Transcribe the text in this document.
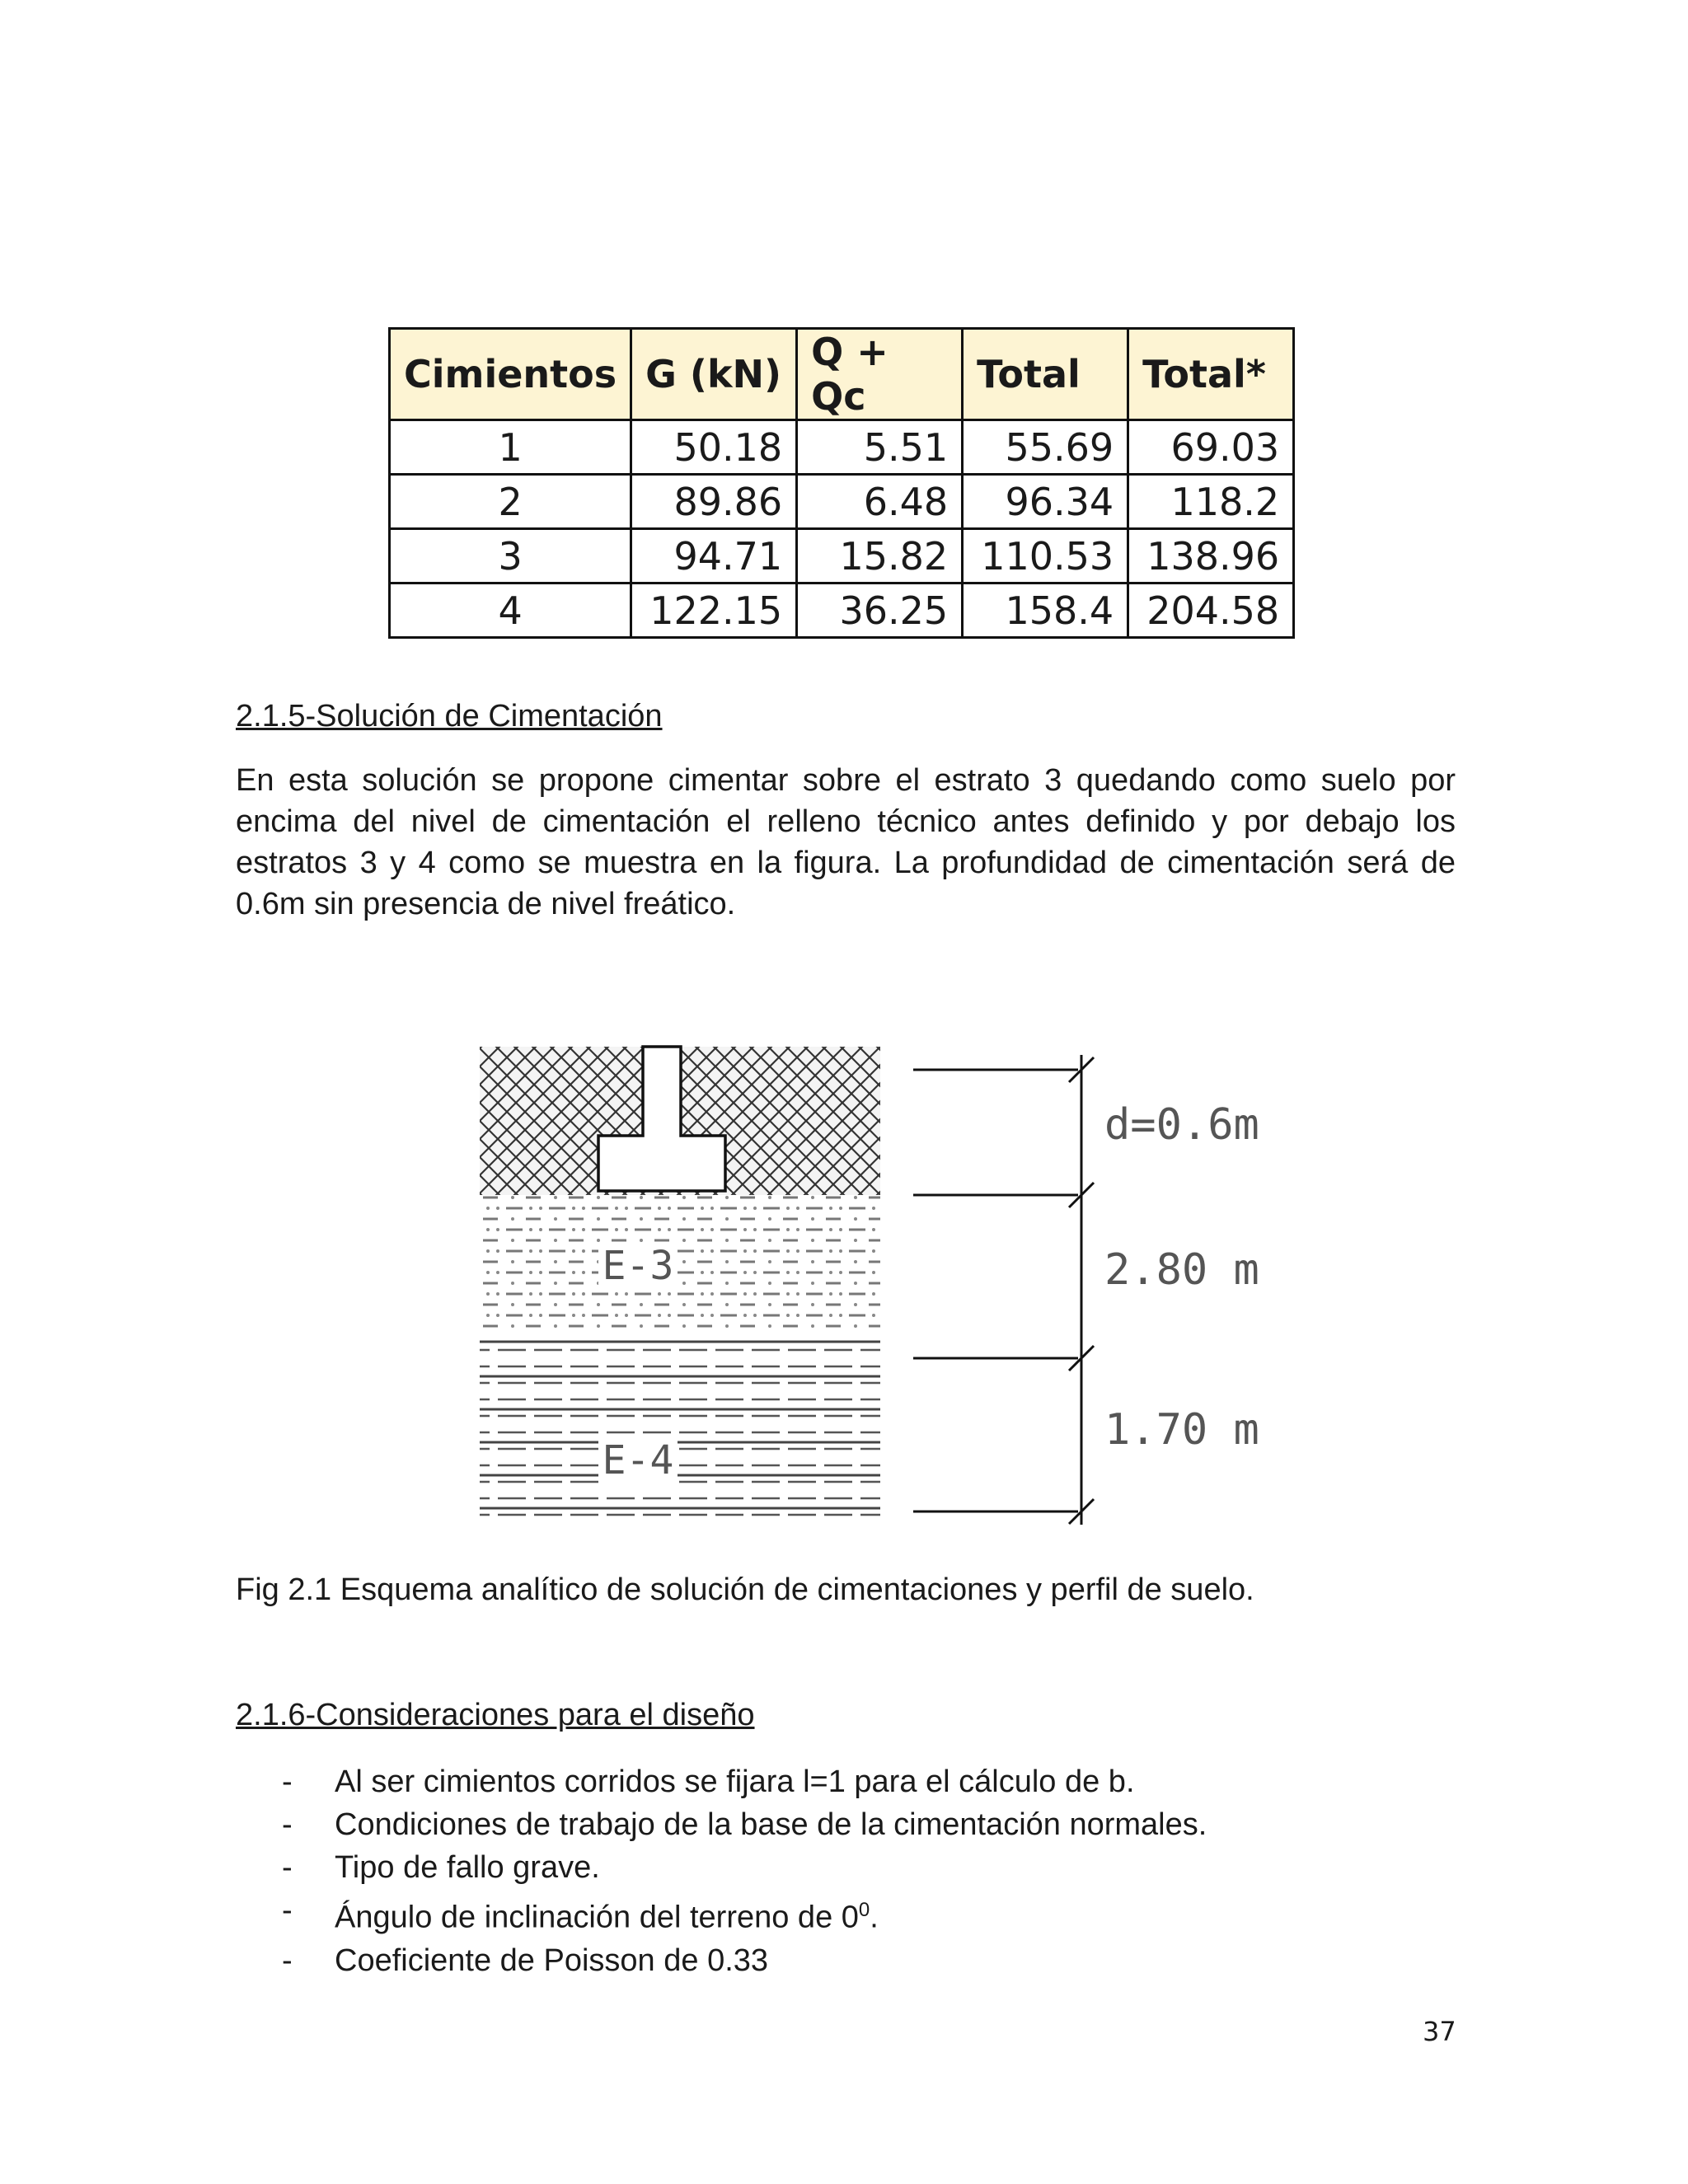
Cimientos	G (kN)	Q + Qc	Total	Total*
1	50.18	5.51	55.69	69.03
2	89.86	6.48	96.34	118.2
3	94.71	15.82	110.53	138.96
4	122.15	36.25	158.4	204.58
2.1.5-Solución de Cimentación

En esta solución se propone cimentar sobre el estrato 3 quedando como suelo por encima del nivel de cimentación el relleno técnico antes definido y por debajo los estratos 3 y 4 como se muestra en la figura. La profundidad de cimentación será de 0.6m sin presencia de nivel freático.

E-3
E-4
d=0.6m
2.80 m
1.70 m

Fig 2.1 Esquema analítico de solución de cimentaciones y perfil de suelo.

2.1.6-Consideraciones para el diseño
- Al ser cimientos corridos se fijara l=1 para el cálculo de b.
- Condiciones de trabajo de la base de la cimentación normales.
- Tipo de fallo grave.
- Ángulo de inclinación del terreno de $0^0$.
- Coeficiente de Poisson de 0.33
37
